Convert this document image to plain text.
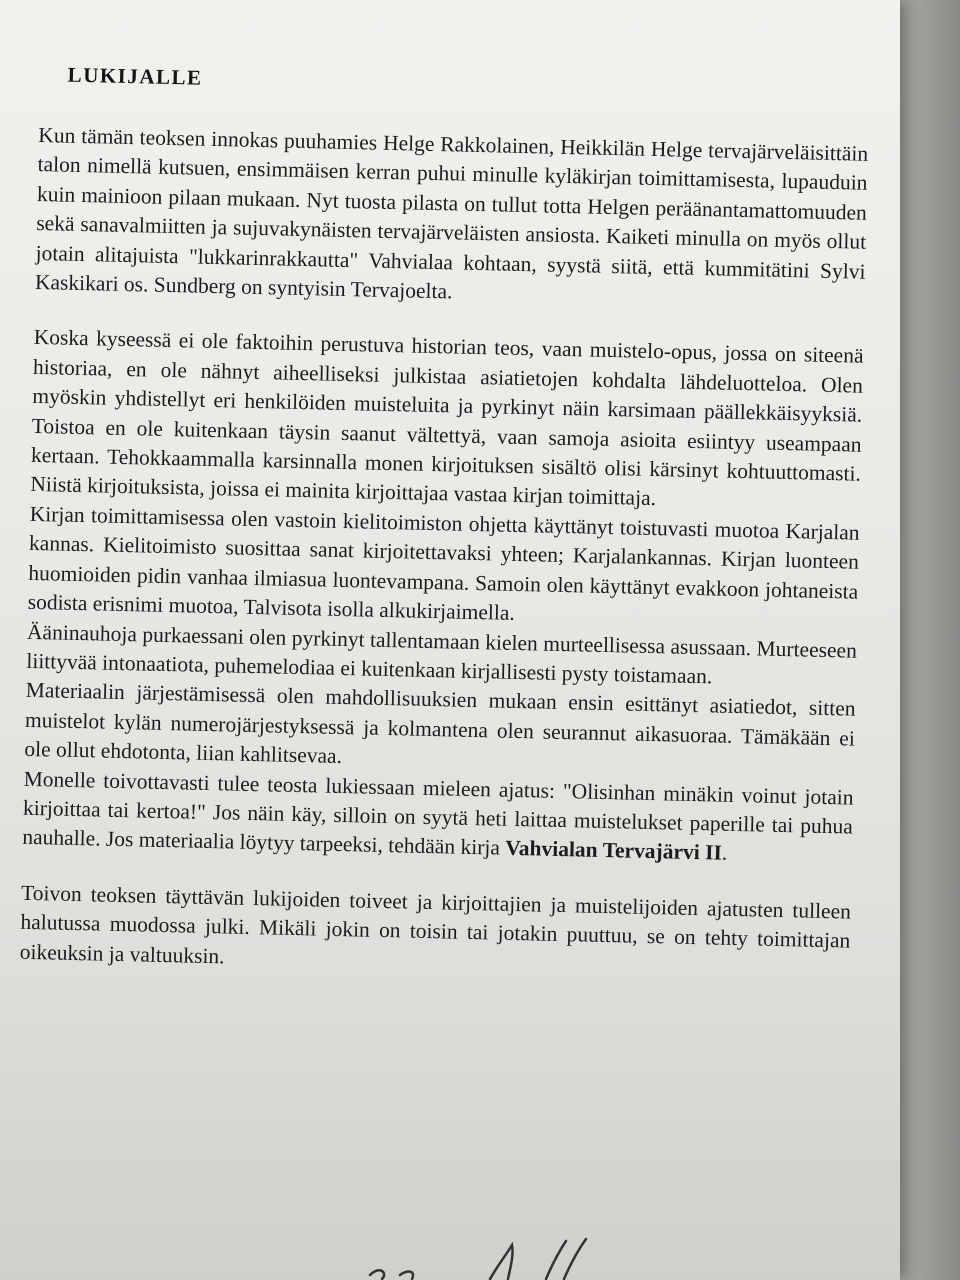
LUKIJALLE

Kun tämän teoksen innokas puuhamies Helge Rakkolainen, Heikkilän Helge tervajärveläisittäin talon nimellä kutsuen, ensimmäisen kerran puhui minulle kyläkirjan toimittamisesta, lupauduin kuin mainioon pilaan mukaan. Nyt tuosta pilasta on tullut totta Helgen peräänantamattomuuden sekä sanavalmiitten ja sujuvakynäisten tervajärveläisten ansiosta. Kaiketi minulla on myös ollut jotain alitajuista "lukkarinrakkautta" Vahvialaa kohtaan, syystä siitä, että kummitätini Sylvi Kaskikari os. Sundberg on syntyisin Tervajoelta.

Koska kyseessä ei ole faktoihin perustuva historian teos, vaan muistelo-opus, jossa on siteenä historiaa, en ole nähnyt aiheelliseksi julkistaa asiatietojen kohdalta lähdeluotteloa. Olen myöskin yhdistellyt eri henkilöiden muisteluita ja pyrkinyt näin karsimaan päällekkäisyyksiä. Toistoa en ole kuitenkaan täysin saanut vältettyä, vaan samoja asioita esiintyy useampaan kertaan. Tehokkaammalla karsinnalla monen kirjoituksen sisältö olisi kärsinyt kohtuuttomasti. Niistä kirjoituksista, joissa ei mainita kirjoittajaa vastaa kirjan toimittaja.

Kirjan toimittamisessa olen vastoin kielitoimiston ohjetta käyttänyt toistuvasti muotoa Karjalan kannas. Kielitoimisto suosittaa sanat kirjoitettavaksi yhteen; Karjalankannas. Kirjan luonteen huomioiden pidin vanhaa ilmiasua luontevampana. Samoin olen käyttänyt evakkoon johtaneista sodista erisnimi muotoa, Talvisota isolla alkukirjaimella.

Ääninauhoja purkaessani olen pyrkinyt tallentamaan kielen murteellisessa asussaan. Murteeseen liittyvää intonaatiota, puhemelodiaa ei kuitenkaan kirjallisesti pysty toistamaan.

Materiaalin järjestämisessä olen mahdollisuuksien mukaan ensin esittänyt asiatiedot, sitten muistelot kylän numerojärjestyksessä ja kolmantena olen seurannut aikasuoraa. Tämäkään ei ole ollut ehdotonta, liian kahlitsevaa.

Monelle toivottavasti tulee teosta lukiessaan mieleen ajatus: "Olisinhan minäkin voinut jotain kirjoittaa tai kertoa!" Jos näin käy, silloin on syytä heti laittaa muistelukset paperille tai puhua nauhalle. Jos materiaalia löytyy tarpeeksi, tehdään kirja Vahvialan Tervajärvi II.

Toivon teoksen täyttävän lukijoiden toiveet ja kirjoittajien ja muistelijoiden ajatusten tulleen halutussa muodossa julki. Mikäli jokin on toisin tai jotakin puuttuu, se on tehty toimittajan oikeuksin ja valtuuksin.
